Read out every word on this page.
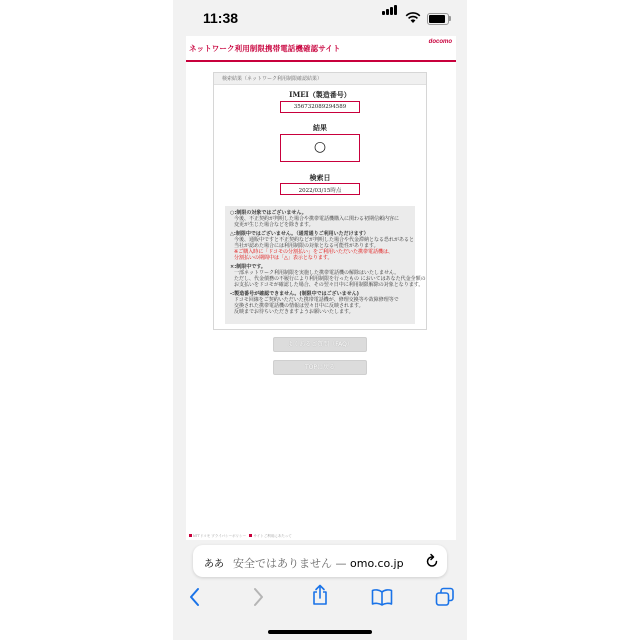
11:38
ネットワーク利用制限携帯電話機確認サイト
docomo
検索結果（ネットワーク利用制限確認結果）
IMEI（製造番号）
356732089294589
結果
○
検索日
2022/03/15時点
○:制限の対象ではございません。
今後、不正契約が判明した場合や携帯電話機購入に関わる初期信頼内容に
変更が生じた場合などを除きます。
△:制限中ではございません。（通常通りご利用いただけます）
今後、通販中ですと不正契約などが判明した場合や代金滞納となる恐れがあると
当社が認めた場合には利用制限の対象となる可能性があります。
※ご購入時に「ドコモの分割払い」をご利用いただいた携帯電話機は、
分割払いの期間中は「△」表示となります。
×:制限中です。
一部ネットワーク利用制限を実施した携帯電話機の解除はいたしません。
ただし、代金債務の不履行により利用制限を行ったもの においてはあなた代金全額の
お支払いをドコモが確認した場合、その翌々日中に利用制限解除の対象となります。
-:製造番号が確認できません。(制限中ではございません)
ドコモ回線をご契約いただいた携帯電話機が、修理交換等や故障修理等で
交換された携帯電話機の情報は翌々日中に反映されます。
反映までお待ちいただきますようお願いいたします。
よくあるご質問（FAQ）
TOPに戻る
NTTドコモ プライバシーポリシー サイトご利用にあたって
ああ 安全ではありません — omo.co.jp
